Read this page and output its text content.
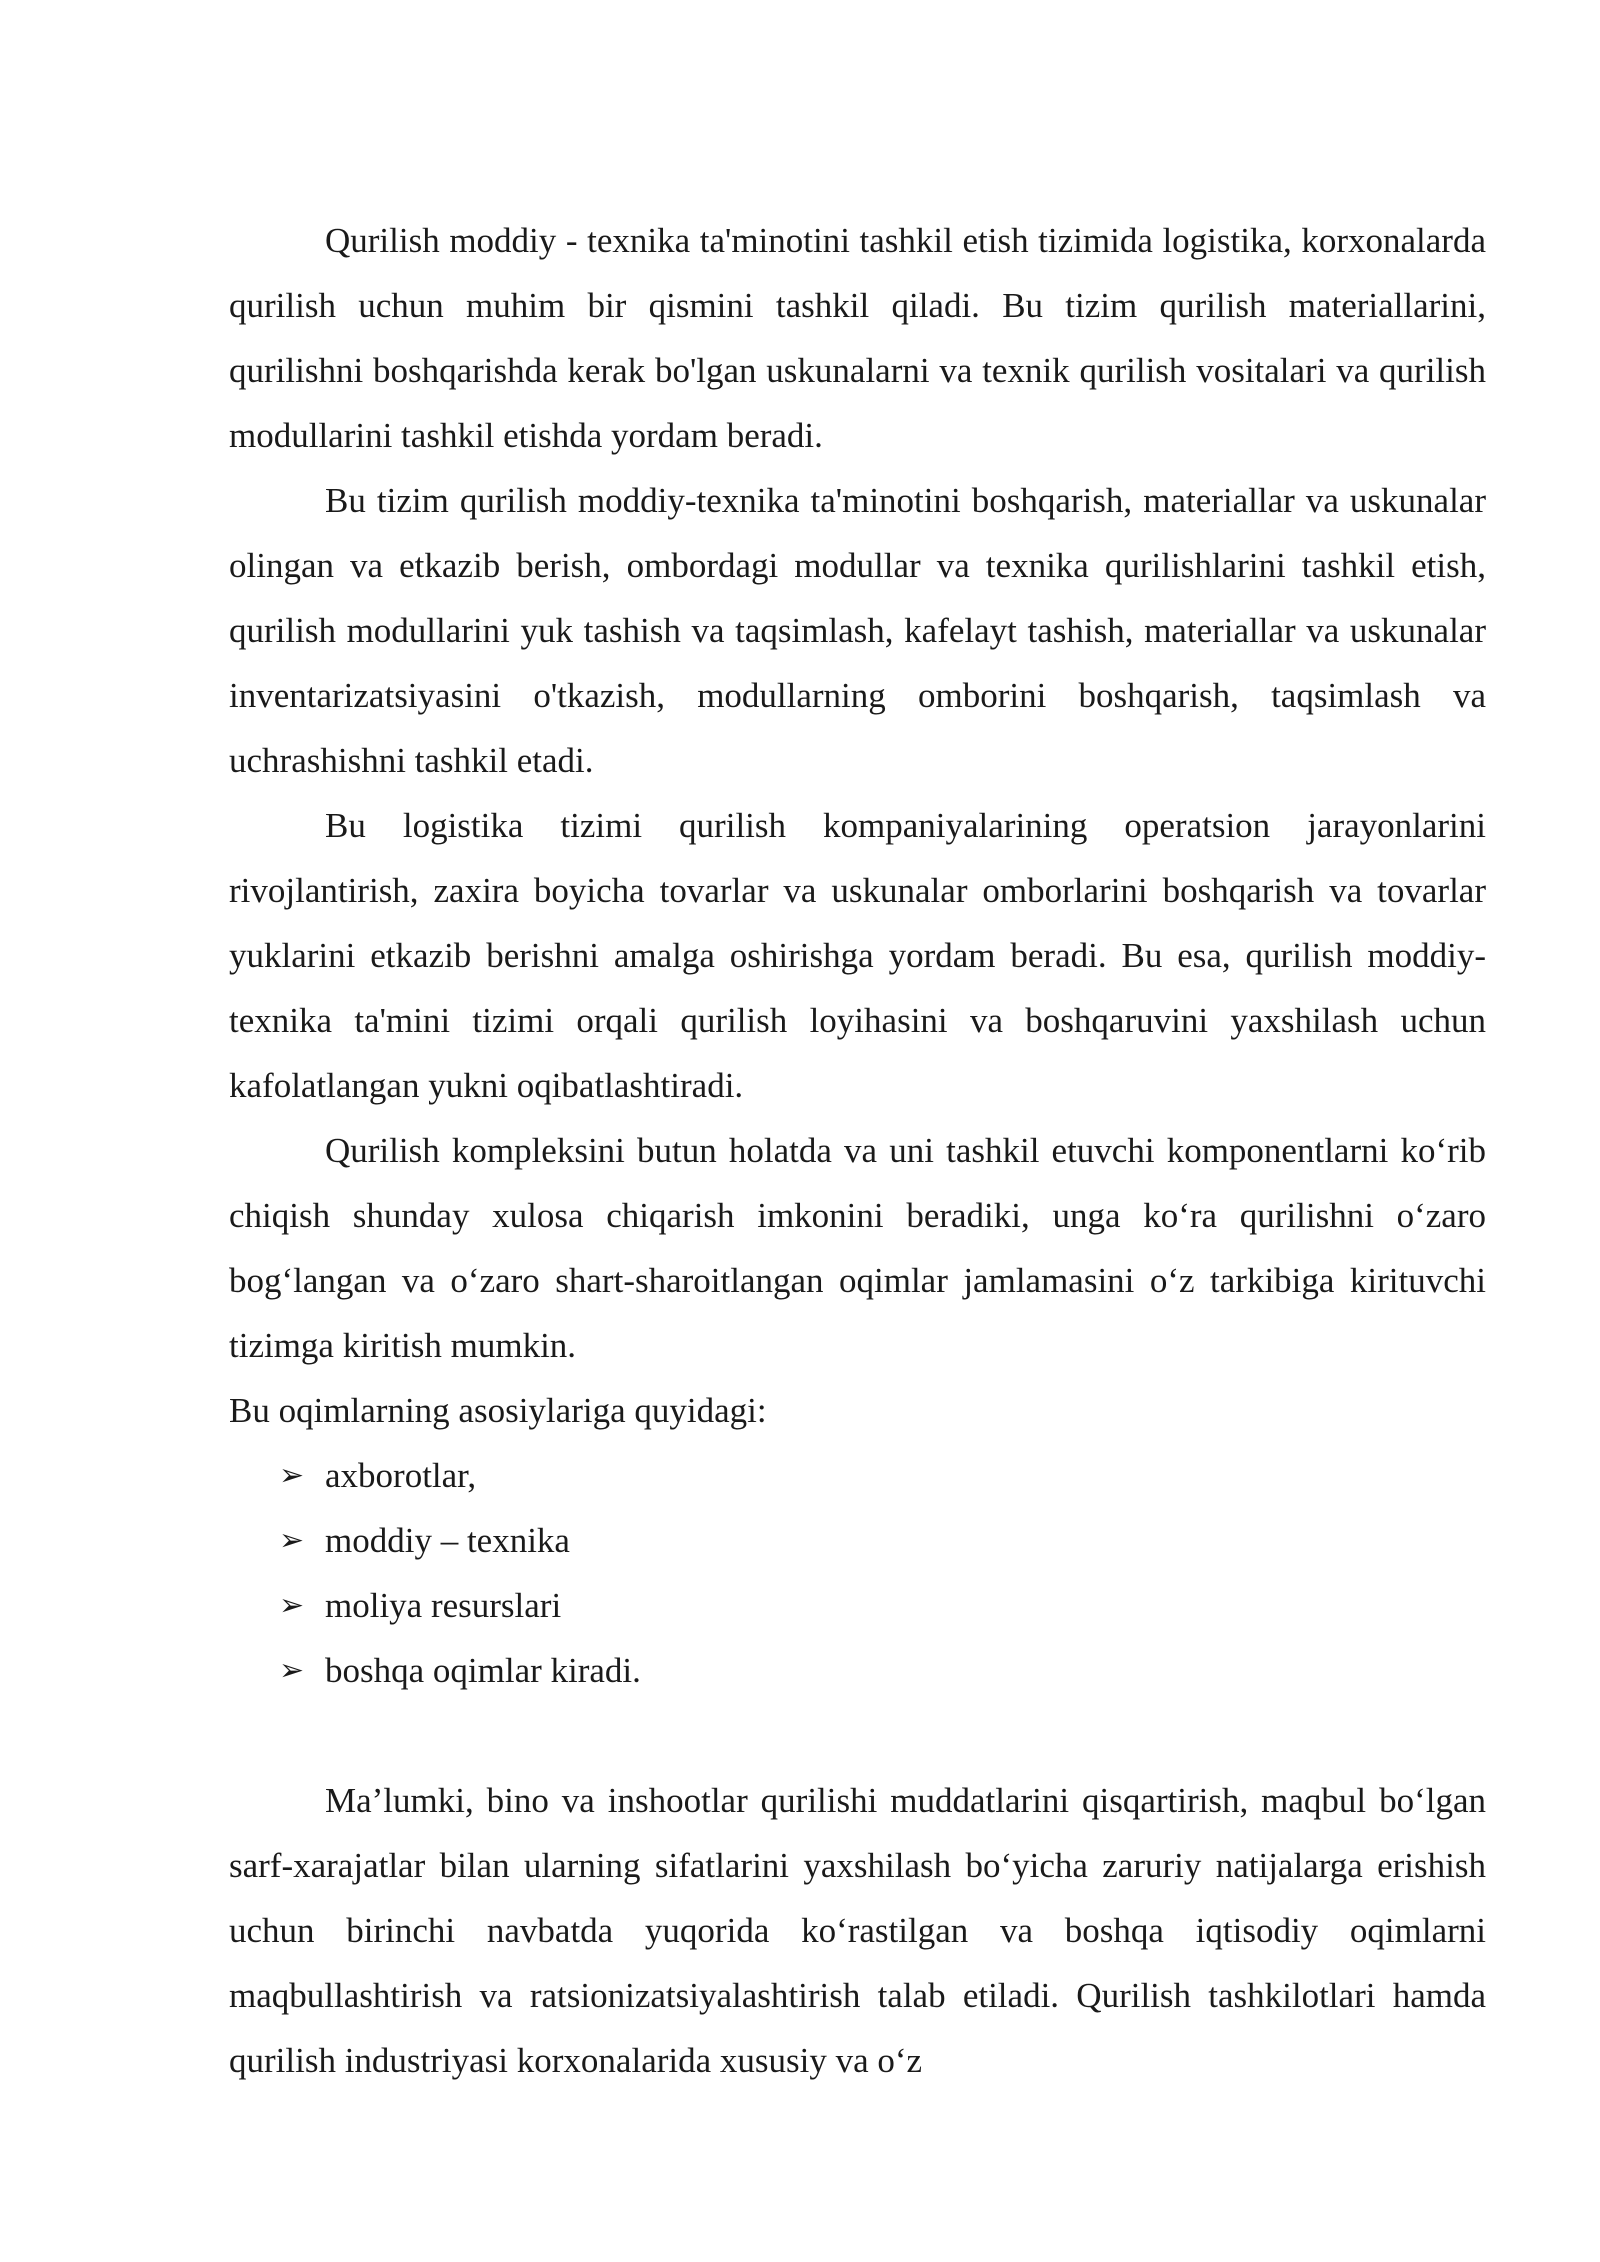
Qurilish moddiy - texnika ta'minotini tashkil etish tizimida logistika, korxonalarda qurilish uchun muhim bir qismini tashkil qiladi. Bu tizim qurilish materiallarini, qurilishni boshqarishda kerak bo'lgan uskunalarni va texnik qurilish vositalari va qurilish modullarini tashkil etishda yordam beradi.

Bu tizim qurilish moddiy-texnika ta'minotini boshqarish, materiallar va uskunalar olingan va etkazib berish, ombordagi modullar va texnika qurilishlarini tashkil etish, qurilish modullarini yuk tashish va taqsimlash, kafelayt tashish, materiallar va uskunalar inventarizatsiyasini o'tkazish, modullarning omborini boshqarish, taqsimlash va uchrashishni tashkil etadi.

Bu logistika tizimi qurilish kompaniyalarining operatsion jarayonlarini rivojlantirish, zaxira boyicha tovarlar va uskunalar omborlarini boshqarish va tovarlar yuklarini etkazib berishni amalga oshirishga yordam beradi. Bu esa, qurilish moddiy-texnika ta'mini tizimi orqali qurilish loyihasini va boshqaruvini yaxshilash uchun kafolatlangan yukni oqibatlashtiradi.

Qurilish kompleksini butun holatda va uni tashkil etuvchi komponentlarni ko‘rib chiqish shunday xulosa chiqarish imkonini beradiki, unga ko‘ra qurilishni o‘zaro bog‘langan va o‘zaro shart-sharoitlangan oqimlar jamlamasini o‘z tarkibiga kirituvchi tizimga kiritish mumkin.

Bu oqimlarning asosiylariga quyidagi:

➢ axborotlar,
➢ moddiy – texnika
➢ moliya resurslari
➢ boshqa oqimlar kiradi.

Ma’lumki, bino va inshootlar qurilishi muddatlarini qisqartirish, maqbul bo‘lgan sarf-xarajatlar bilan ularning sifatlarini yaxshilash bo‘yicha zaruriy natijalarga erishish uchun birinchi navbatda yuqorida ko‘rastilgan va boshqa iqtisodiy oqimlarni maqbullashtirish va ratsionizatsiyalashtirish talab etiladi. Qurilish tashkilotlari hamda qurilish industriyasi korxonalarida xususiy va o‘z
